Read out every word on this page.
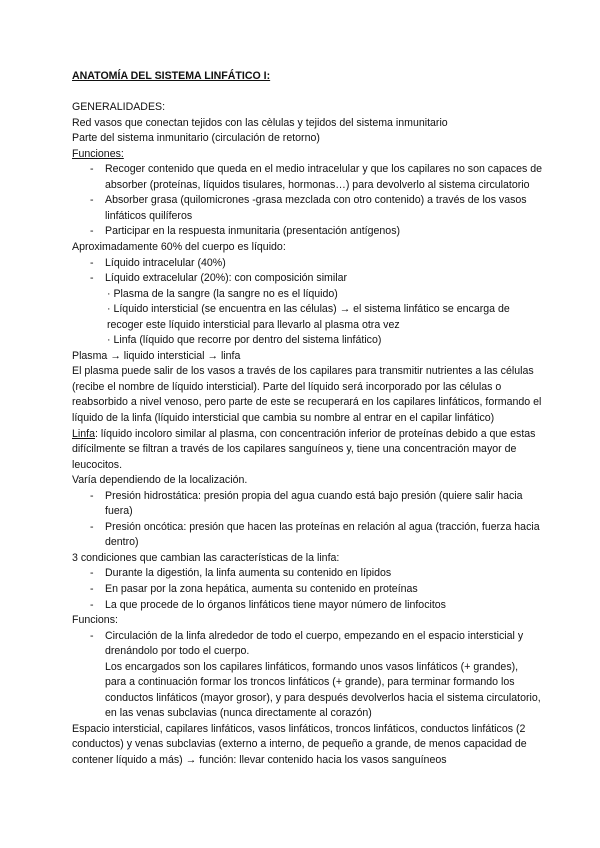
ANATOMÍA DEL SISTEMA LINFÁTICO I:

GENERALIDADES:

Red vasos que conectan tejidos con las cèlulas y tejidos del sistema inmunitario

Parte del sistema inmunitario (circulación de retorno)

Funciones:

- Recoger contenido que queda en el medio intracelular y que los capilares no son capaces de absorber (proteínas, líquidos tisulares, hormonas…) para devolverlo al sistema circulatorio
- Absorber grasa (quilomicrones -grasa mezclada con otro contenido) a través de los vasos linfáticos quilíferos
- Participar en la respuesta inmunitaria (presentación antígenos)

Aproximadamente 60% del cuerpo es líquido:

- Líquido intracelular (40%)
- Líquido extracelular (20%): con composición similar
· Plasma de la sangre (la sangre no es el líquido)
· Líquido intersticial (se encuentra en las células) → el sistema linfático se encarga de recoger este líquido intersticial para llevarlo al plasma otra vez
· Linfa (líquido que recorre por dentro del sistema linfático)

Plasma → liquido intersticial → linfa

El plasma puede salir de los vasos a través de los capilares para transmitir nutrientes a las células (recibe el nombre de líquido intersticial). Parte del líquido será incorporado por las células o reabsorbido a nivel venoso, pero parte de este se recuperará en los capilares linfáticos, formando el líquido de la linfa (líquido intersticial que cambia su nombre al entrar en el capilar linfático)

Linfa: líquido incoloro similar al plasma, con concentración inferior de proteínas debido a que estas difícilmente se filtran a través de los capilares sanguíneos y, tiene una concentración mayor de leucocitos.

Varía dependiendo de la localización.

- Presión hidrostática: presión propia del agua cuando está bajo presión (quiere salir hacia fuera)
- Presión oncótica: presión que hacen las proteínas en relación al agua (tracción, fuerza hacia dentro)

3 condiciones que cambian las características de la linfa:

- Durante la digestión, la linfa aumenta su contenido en lípidos
- En pasar por la zona hepática, aumenta su contenido en proteínas
- La que procede de lo órganos linfáticos tiene mayor número de linfocitos

Funcions:

- Circulación de la linfa alrededor de todo el cuerpo, empezando en el espacio intersticial y drenándolo por todo el cuerpo.
Los encargados son los capilares linfáticos, formando unos vasos linfáticos (+ grandes), para a continuación formar los troncos linfáticos (+ grande), para terminar formando los conductos linfáticos (mayor grosor), y para después devolverlos hacia el sistema circulatorio, en las venas subclavias (nunca directamente al corazón)

Espacio intersticial, capilares linfáticos, vasos linfáticos, troncos linfáticos, conductos linfáticos (2 conductos) y venas subclavias (externo a interno, de pequeño a grande, de menos capacidad de contener líquido a más) → función: llevar contenido hacia los vasos sanguíneos
